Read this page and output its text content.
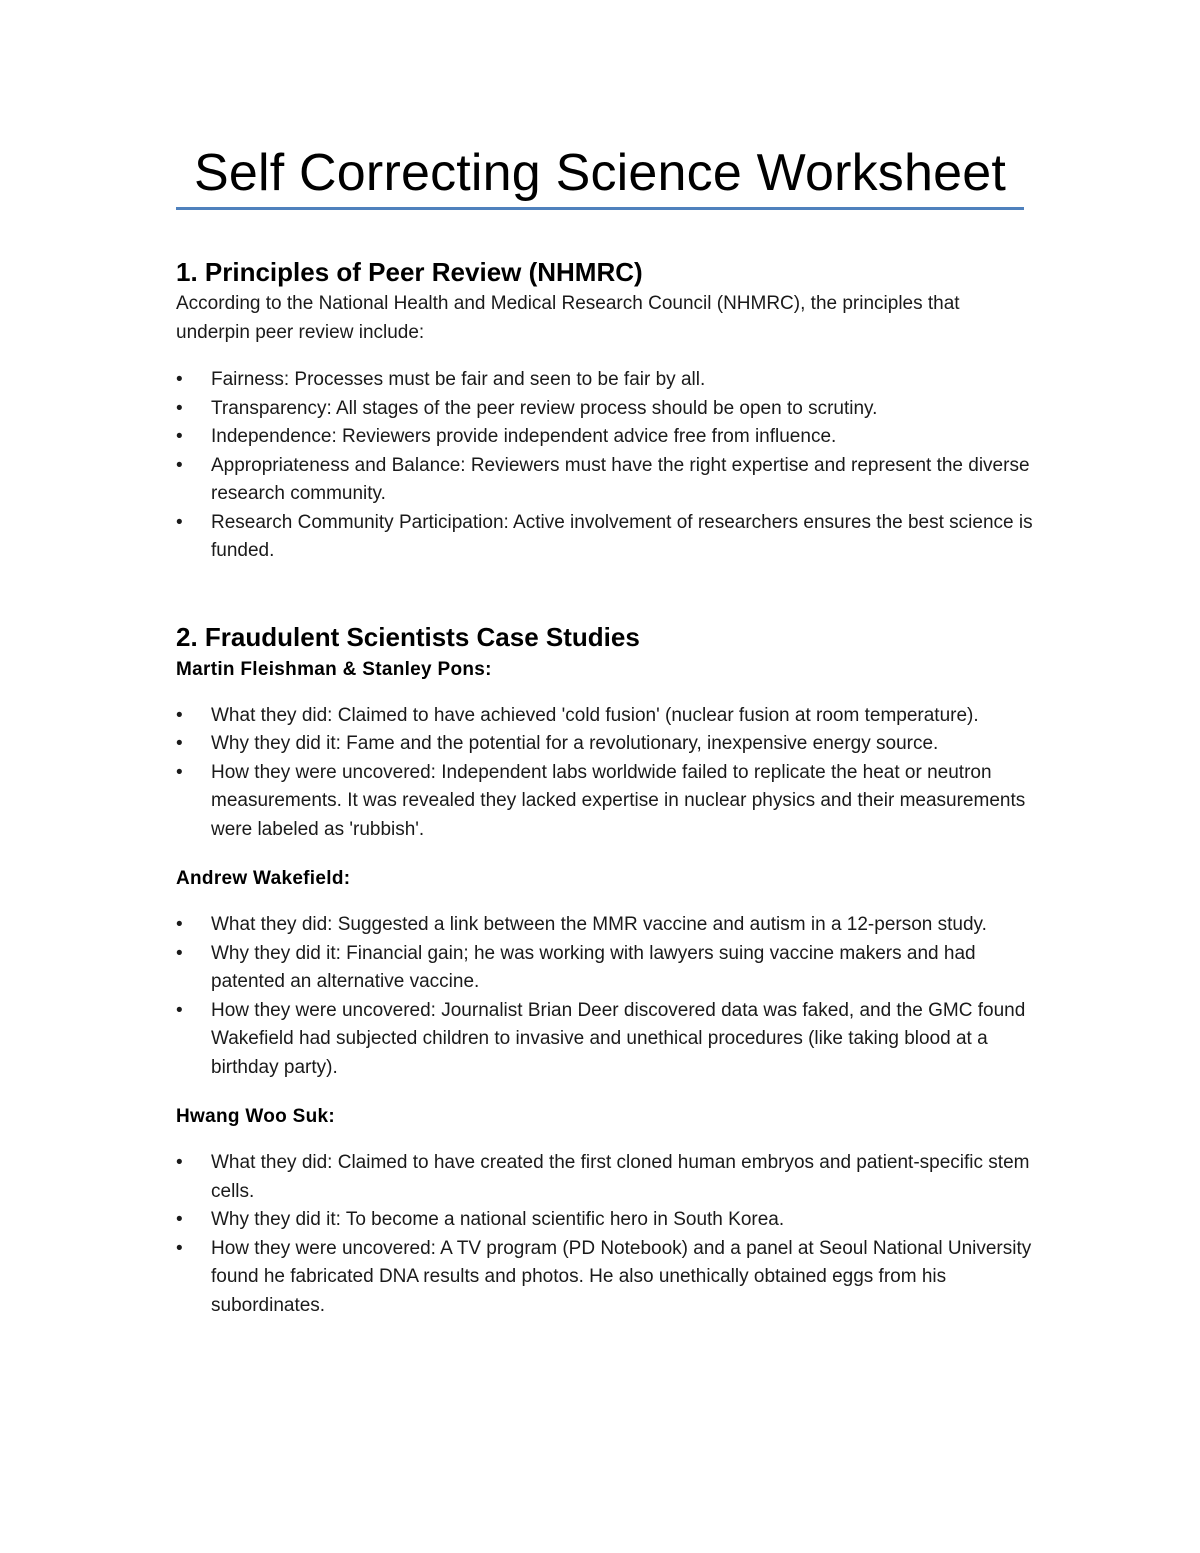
Self Correcting Science Worksheet
1. Principles of Peer Review (NHMRC)

According to the National Health and Medical Research Council (NHMRC), the principles that underpin peer review include:

• Fairness: Processes must be fair and seen to be fair by all.
• Transparency: All stages of the peer review process should be open to scrutiny.
• Independence: Reviewers provide independent advice free from influence.
• Appropriateness and Balance: Reviewers must have the right expertise and represent the diverse research community.
• Research Community Participation: Active involvement of researchers ensures the best science is funded.
2. Fraudulent Scientists Case Studies

Martin Fleishman & Stanley Pons:

• What they did: Claimed to have achieved 'cold fusion' (nuclear fusion at room temperature).
• Why they did it: Fame and the potential for a revolutionary, inexpensive energy source.
• How they were uncovered: Independent labs worldwide failed to replicate the heat or neutron measurements. It was revealed they lacked expertise in nuclear physics and their measurements were labeled as 'rubbish'.

Andrew Wakefield:

• What they did: Suggested a link between the MMR vaccine and autism in a 12-person study.
• Why they did it: Financial gain; he was working with lawyers suing vaccine makers and had patented an alternative vaccine.
• How they were uncovered: Journalist Brian Deer discovered data was faked, and the GMC found Wakefield had subjected children to invasive and unethical procedures (like taking blood at a birthday party).

Hwang Woo Suk:

• What they did: Claimed to have created the first cloned human embryos and patient-specific stem cells.
• Why they did it: To become a national scientific hero in South Korea.
• How they were uncovered: A TV program (PD Notebook) and a panel at Seoul National University found he fabricated DNA results and photos. He also unethically obtained eggs from his subordinates.
